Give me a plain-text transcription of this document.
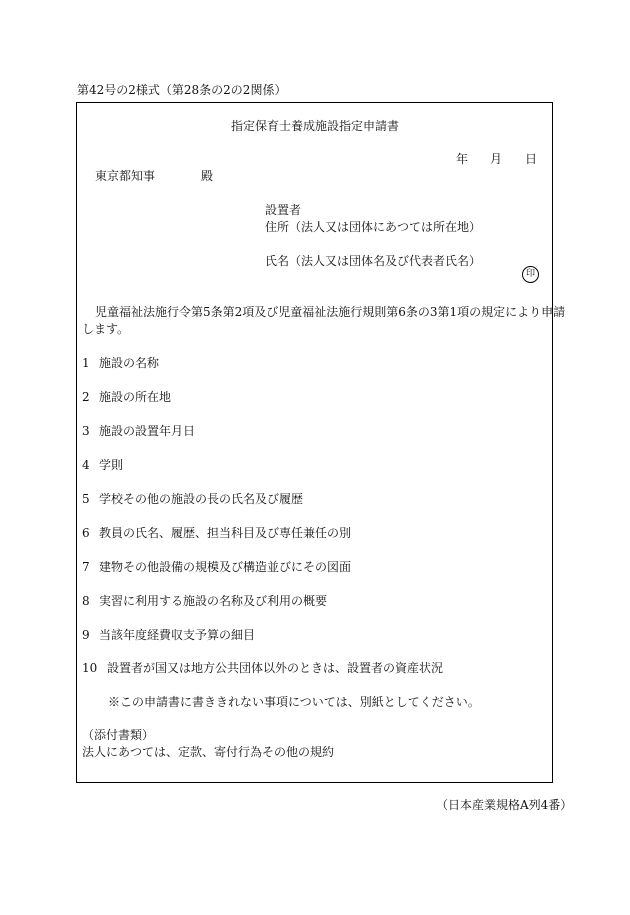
第42号の2様式（第28条の2の2関係）
指定保育士養成施設指定申請書
年 月 日
東京都知事	殿
設置者
住所（法人又は団体にあつては所在地）
氏名（法人又は団体名及び代表者氏名）
印
児童福祉法施行令第5条第2項及び児童福祉法施行規則第6条の3第1項の規定により申請
します。
1 施設の名称
2 施設の所在地
3 施設の設置年月日
4 学則
5 学校その他の施設の長の氏名及び履歴
6 教員の氏名、履歴、担当科目及び専任兼任の別
7 建物その他設備の規模及び構造並びにその図面
8 実習に利用する施設の名称及び利用の概要
9 当該年度経費収支予算の細目
10 設置者が国又は地方公共団体以外のときは、設置者の資産状況
※この申請書に書ききれない事項については、別紙としてください。
（添付書類）
法人にあつては、定款、寄付行為その他の規約
（日本産業規格A列4番）
